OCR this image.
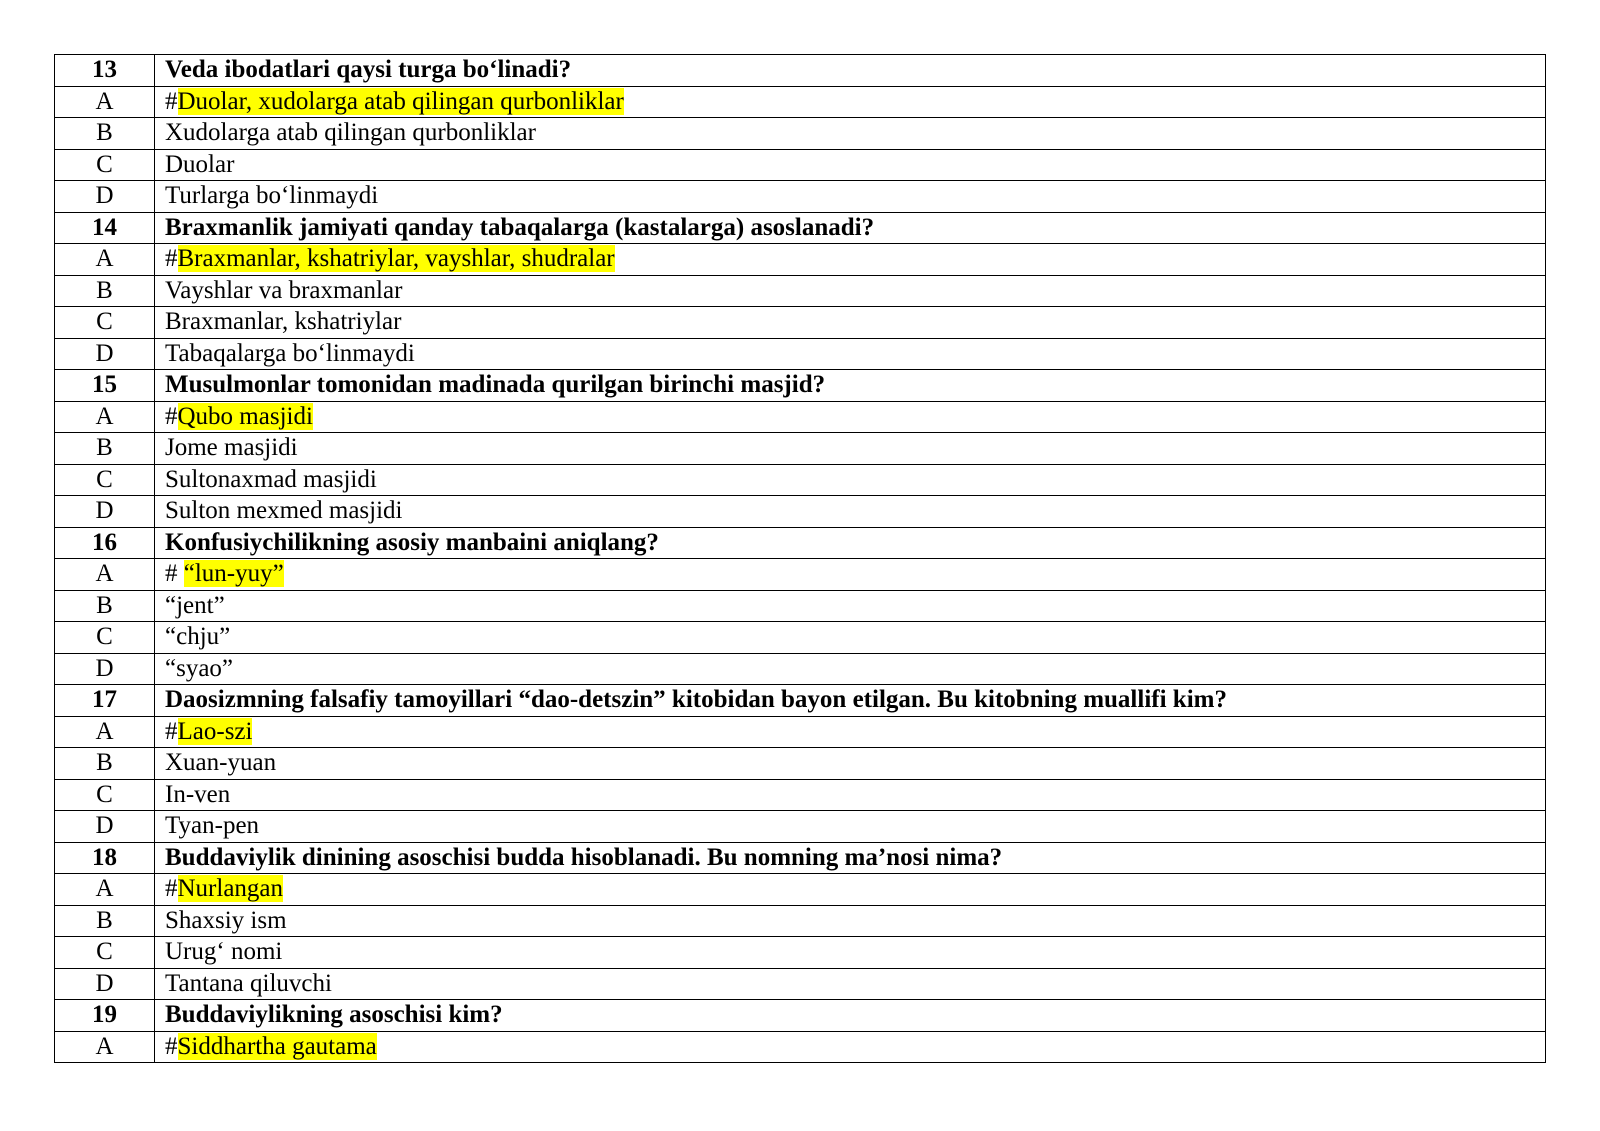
13	Veda ibodatlari qaysi turga bo‘linadi?
A	#Duolar, xudolarga atab qilingan qurbonliklar
B	Xudolarga atab qilingan qurbonliklar
C	Duolar
D	Turlarga bo‘linmaydi
14	Braxmanlik jamiyati qanday tabaqalarga (kastalarga) asoslanadi?
A	#Braxmanlar, kshatriylar, vayshlar, shudralar
B	Vayshlar va braxmanlar
C	Braxmanlar, kshatriylar
D	Tabaqalarga bo‘linmaydi
15	Musulmonlar tomonidan madinada qurilgan birinchi masjid?
A	#Qubo masjidi
B	Jome masjidi
C	Sultonaxmad masjidi
D	Sulton mexmed masjidi
16	Konfusiychilikning asosiy manbaini aniqlang?
A	# “lun-yuy”
B	“jent”
C	“chju”
D	“syao”
17	Daosizmning falsafiy tamoyillari “dao-detszin” kitobidan bayon etilgan. Bu kitobning muallifi kim?
A	#Lao-szi
B	Xuan-yuan
C	In-ven
D	Tyan-pen
18	Buddaviylik dinining asoschisi budda hisoblanadi. Bu nomning ma’nosi nima?
A	#Nurlangan
B	Shaxsiy ism
C	Urug‘ nomi
D	Tantana qiluvchi
19	Buddaviylikning asoschisi kim?
A	#Siddhartha gautama
